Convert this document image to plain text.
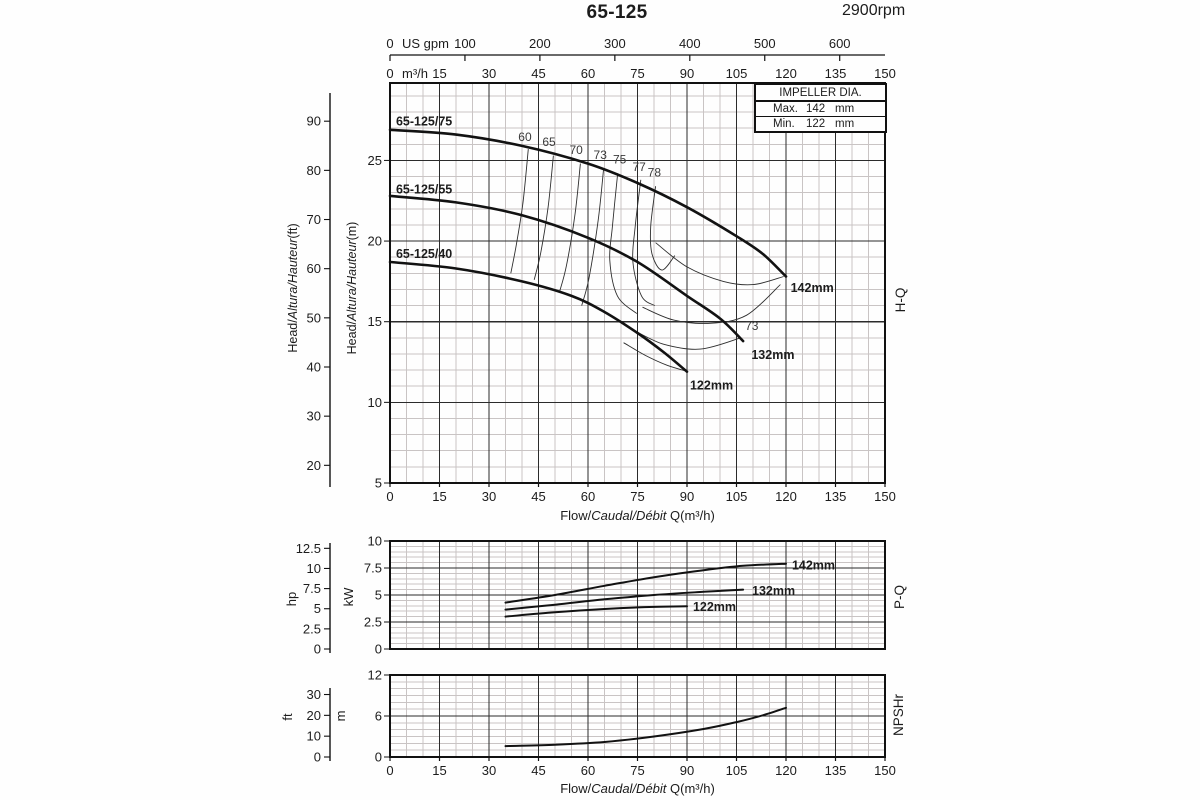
65-125	2900rpm
0	100	200	300	400	500	600
US gpm
0	15	30	45	60	75	90 105 120 135 150
m³/h
60 65
70 73 75
77 78
73
65-125/75
142mm
65-125/55
132mm
65-125/40
122mm
5
10
15
20
25
Head/Altura/Hauteur(m)
20
30
40
50
60
70
80
90
Head/Altura/Hauteur(ft)
0	15	30	45	60	75	90 105 120 135 150
Flow/Caudal/Débit Q(m³/h)
H-Q
142mm
132mm
122mm
0
2.5
5
7.5
10
kW
0
2.5
5
7.5
10
12.5
hp	P-Q
0
6
12
m
0
10
20
30
ft
0	15	30	45	60	75	90 105 120 135 150
Flow/Caudal/Débit Q(m³/h)
NPSHr
IMPELLER DIA.
Max. 142 mm
Min. 122 mm
